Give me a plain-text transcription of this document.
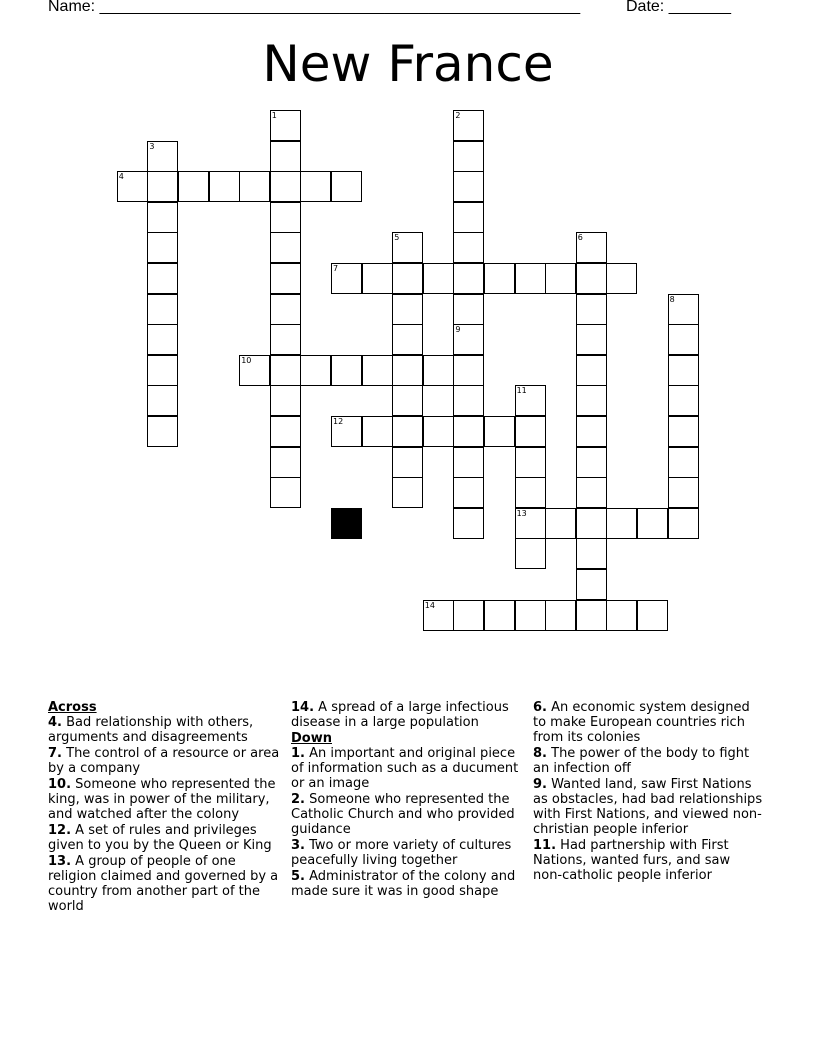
Name: ______________________________________________________	Date: _______
New France
1	2
9
3
4
5	6
7
8
10
11
13
12
14
Across
4. Bad relationship with others, arguments and disagreements
7. The control of a resource or area by a company
10. Someone who represented the king, was in power of the military, and watched after the colony
12. A set of rules and privileges given to you by the Queen or King
13. A group of people of one religion claimed and governed by a country from another part of the world
14. A spread of a large infectious disease in a large population
Down
1. An important and original piece of information such as a ducument or an image
2. Someone who represented the Catholic Church and who provided guidance
3. Two or more variety of cultures peacefully living together
5. Administrator of the colony and made sure it was in good shape
6. An economic system designed to make European countries rich from its colonies
8. The power of the body to fight an infection off
9. Wanted land, saw First Nations as obstacles, had bad relationships with First Nations, and viewed non-christian people inferior
11. Had partnership with First Nations, wanted furs, and saw non-catholic people inferior
